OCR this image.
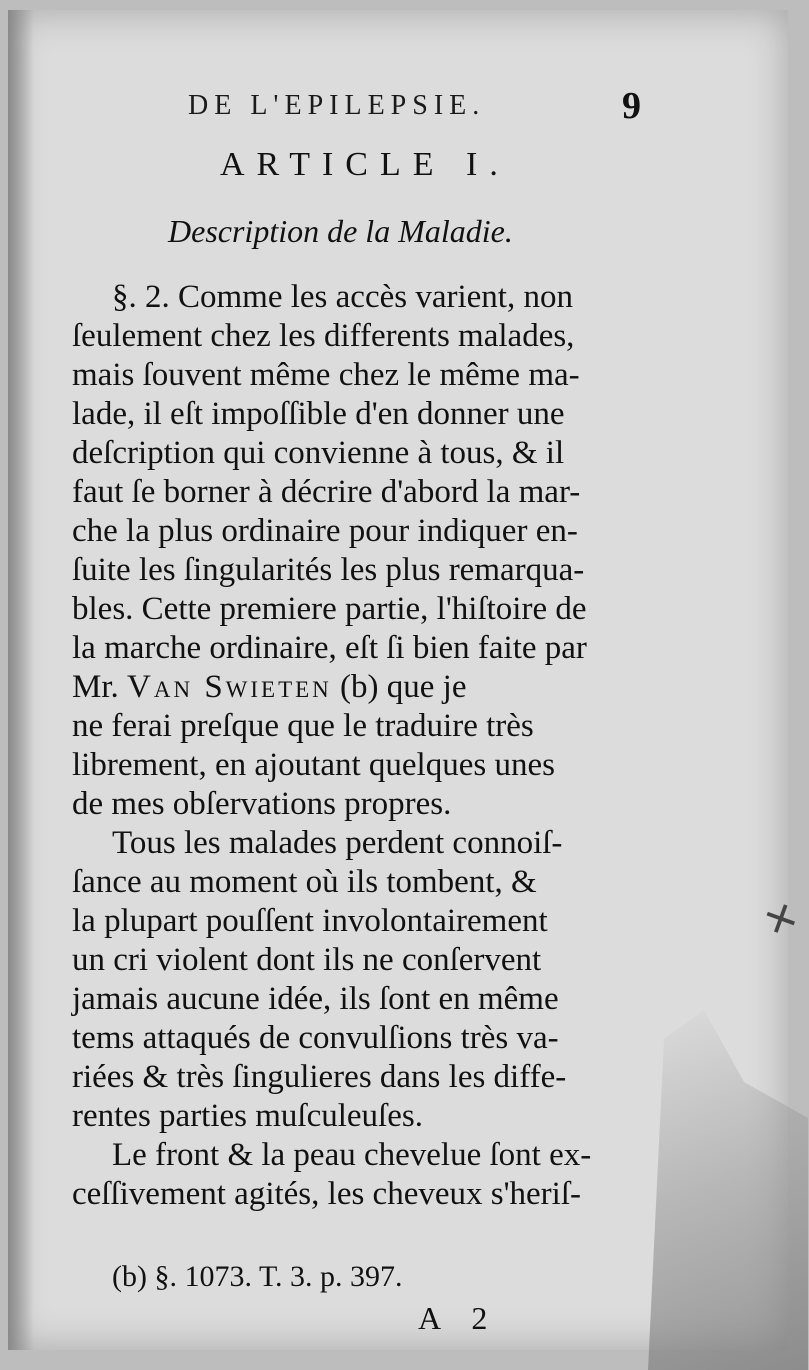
DE L'EPILEPSIE.	9
ARTICLE I.
Description de la Maladie.
§. 2. Comme les accès varient, non
ſeulement chez les differents malades,
mais ſouvent même chez le même ma-
lade, il eſt impoſſible d'en donner une
deſcription qui convienne à tous, & il
faut ſe borner à décrire d'abord la mar-
che la plus ordinaire pour indiquer en-
ſuite les ſingularités les plus remarqua-
bles. Cette premiere partie, l'hiſtoire de
la marche ordinaire, eſt ſi bien faite par
Mr. Van Swieten (b) que je
ne ferai preſque que le traduire très
librement, en ajoutant quelques unes
de mes obſervations propres.
Tous les malades perdent connoiſ-
ſance au moment où ils tombent, &
la plupart pouſſent involontairement
un cri violent dont ils ne conſervent
jamais aucune idée, ils ſont en même
tems attaqués de convulſions très va-
riées & très ſingulieres dans les diffe-
rentes parties muſculeuſes.
Le front & la peau chevelue ſont ex-
ceſſivement agités, les cheveux s'heriſ-
(b) §. 1073. T. 3. p. 397.
A 2
+
